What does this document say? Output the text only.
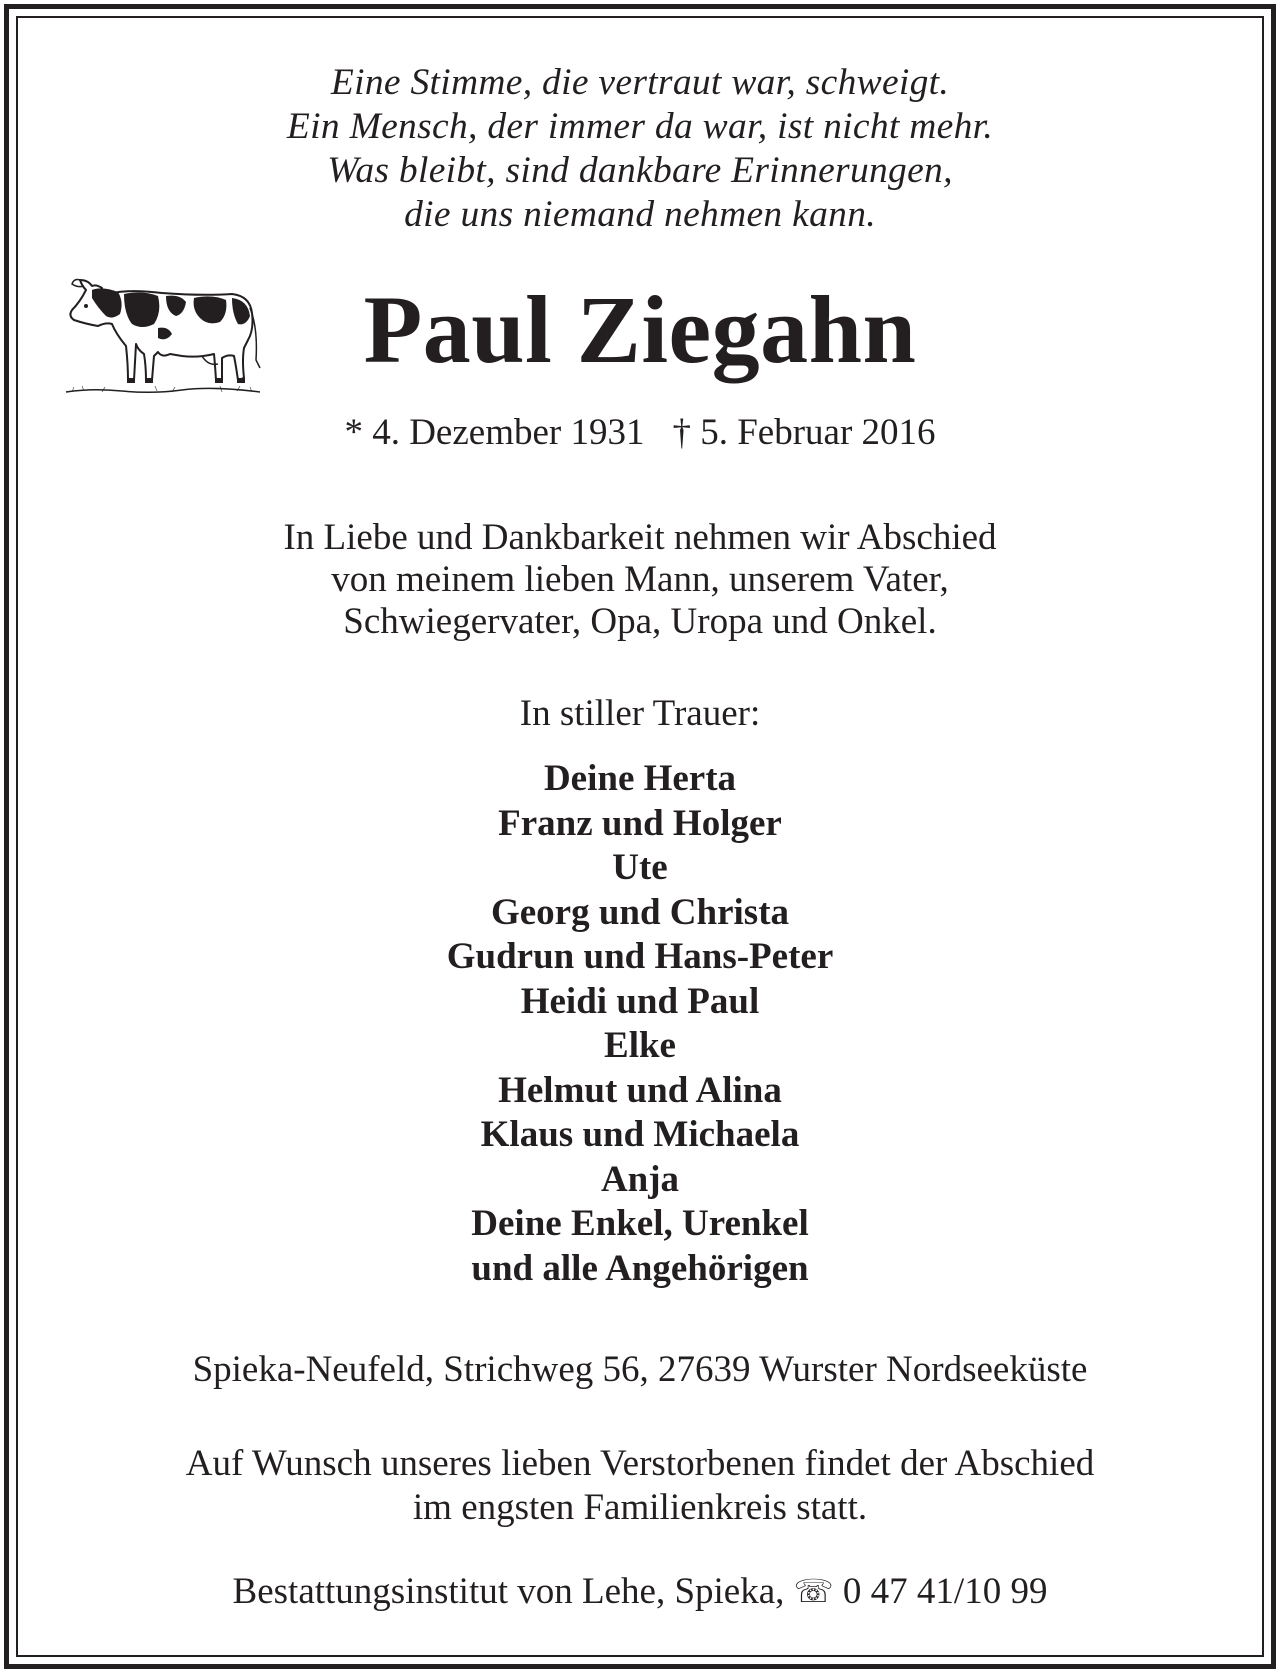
Eine Stimme, die vertraut war, schweigt.
Ein Mensch, der immer da war, ist nicht mehr.
Was bleibt, sind dankbare Erinnerungen,
die uns niemand nehmen kann.
Paul Ziegahn
* 4. Dezember 1931 † 5. Februar 2016
In Liebe und Dankbarkeit nehmen wir Abschied
von meinem lieben Mann, unserem Vater,
Schwiegervater, Opa, Uropa und Onkel.
In stiller Trauer:
Deine Herta
Franz und Holger
Ute
Georg und Christa
Gudrun und Hans-Peter
Heidi und Paul
Elke
Helmut und Alina
Klaus und Michaela
Anja
Deine Enkel, Urenkel
und alle Angehörigen
Spieka-Neufeld, Strichweg 56, 27639 Wurster Nordseeküste
Auf Wunsch unseres lieben Verstorbenen findet der Abschied
im engsten Familienkreis statt.
Bestattungsinstitut von Lehe, Spieka, ☏ 0 47 41/10 99
